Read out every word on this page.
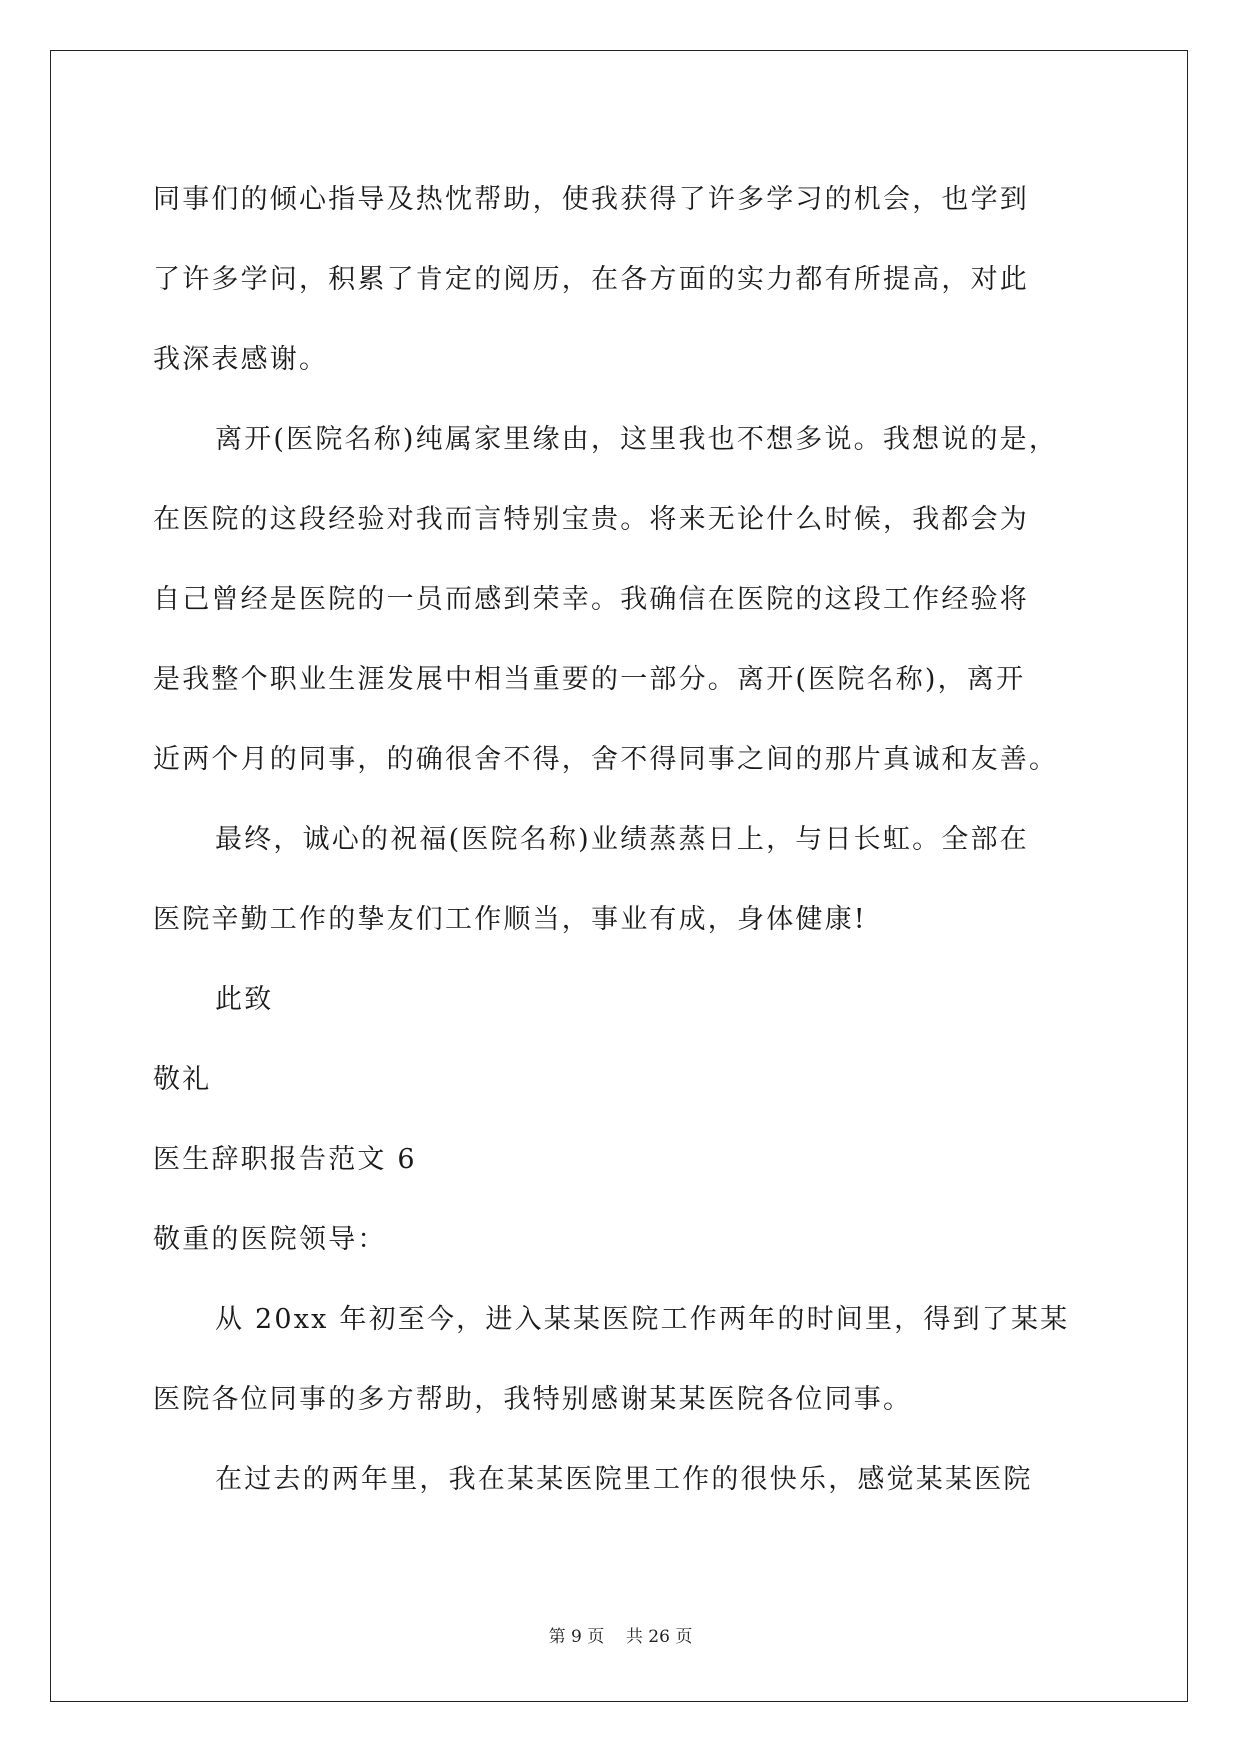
同事们的倾心指导及热忱帮助，使我获得了许多学习的机会，也学到
了许多学问，积累了肯定的阅历，在各方面的实力都有所提高，对此
我深表感谢。
离开(医院名称)纯属家里缘由，这里我也不想多说。我想说的是，
在医院的这段经验对我而言特别宝贵。将来无论什么时候，我都会为
自己曾经是医院的一员而感到荣幸。我确信在医院的这段工作经验将
是我整个职业生涯发展中相当重要的一部分。离开(医院名称)，离开
近两个月的同事，的确很舍不得，舍不得同事之间的那片真诚和友善。
最终，诚心的祝福(医院名称)业绩蒸蒸日上，与日长虹。全部在
医院辛勤工作的挚友们工作顺当，事业有成，身体健康!
此致
敬礼
医生辞职报告范文 6
敬重的医院领导：
从 20xx 年初至今，进入某某医院工作两年的时间里，得到了某某
医院各位同事的多方帮助，我特别感谢某某医院各位同事。
在过去的两年里，我在某某医院里工作的很快乐，感觉某某医院
第 9 页 共 26 页
